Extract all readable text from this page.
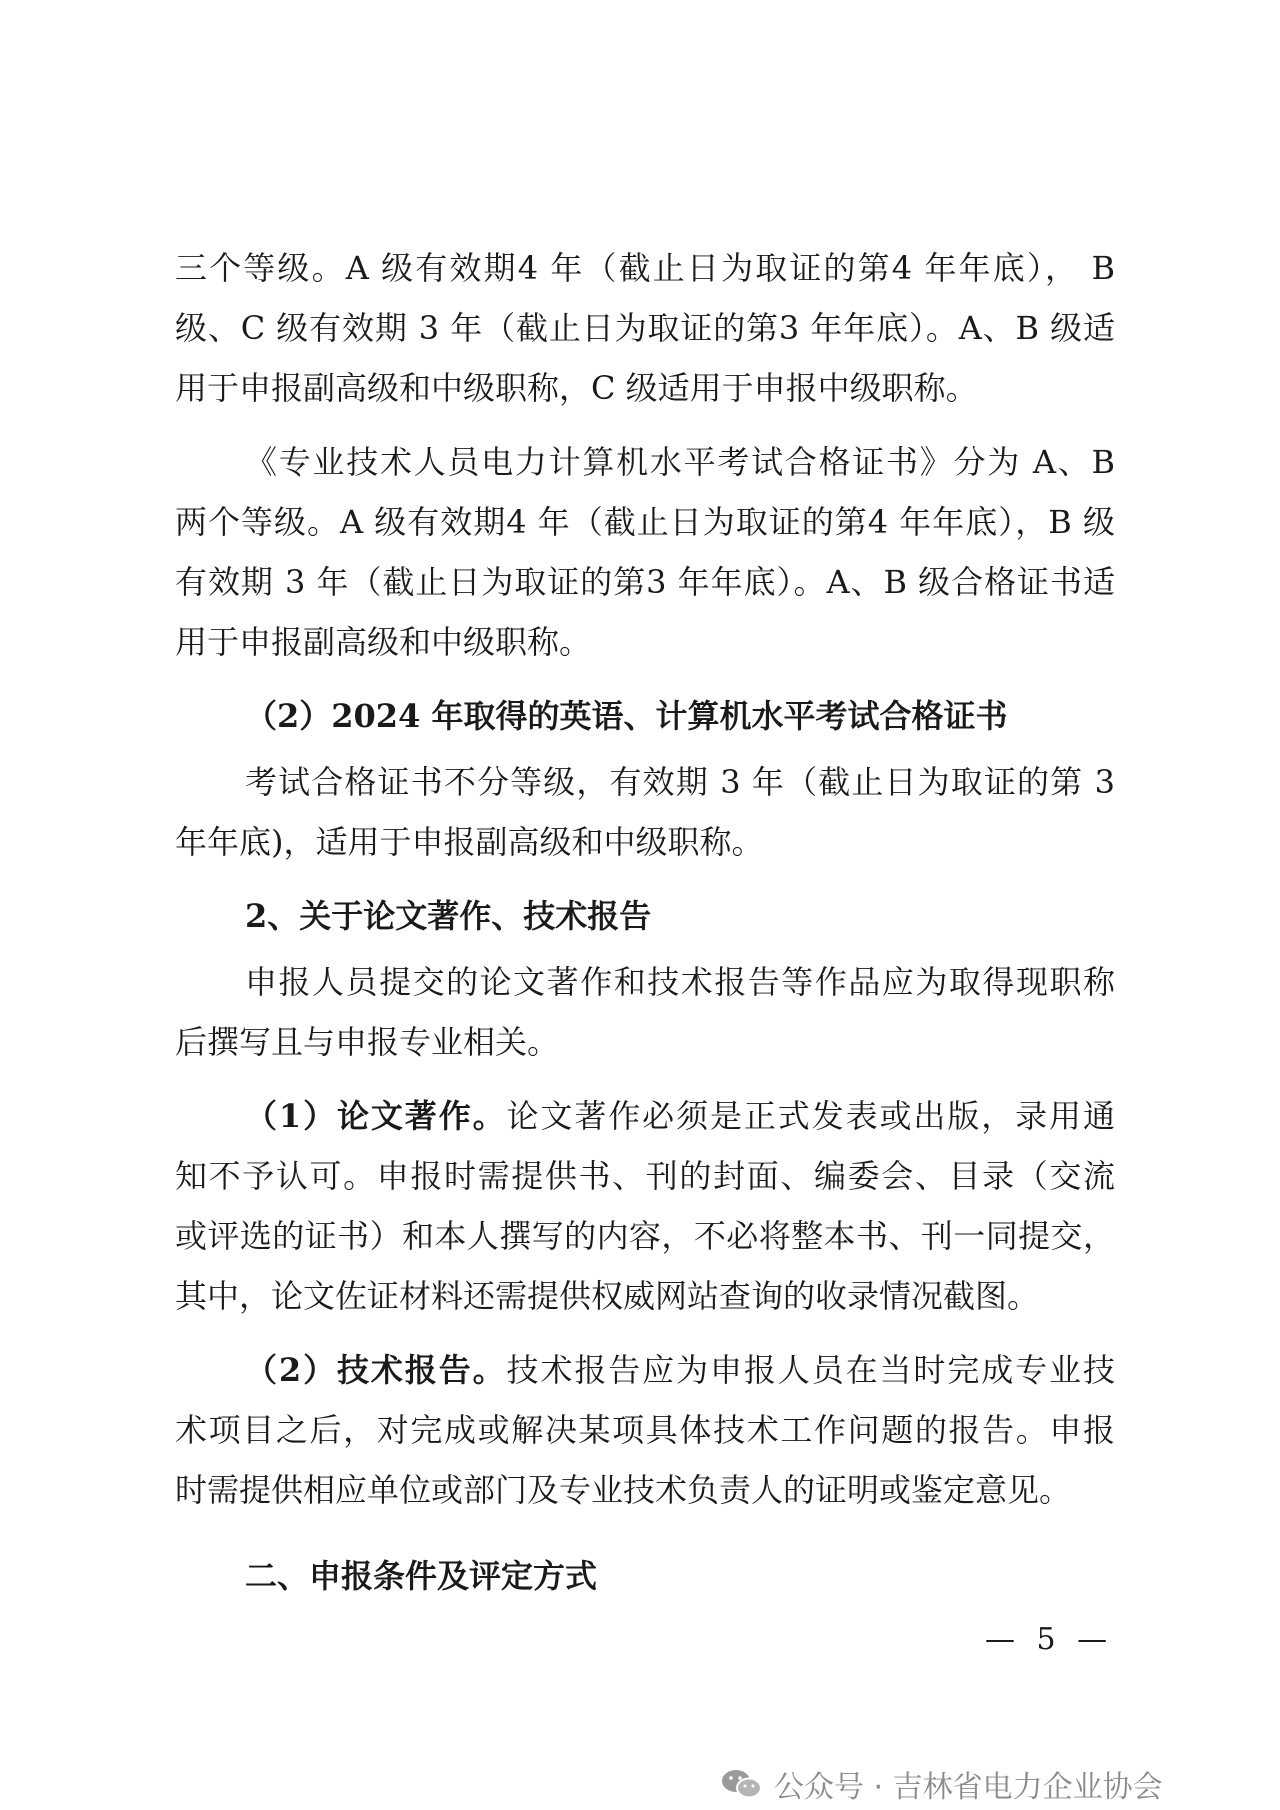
三个等级。A 级有效期4 年（截止日为取证的第4 年年底）， B
级、C 级有效期 3 年（截止日为取证的第3 年年底）。A、B 级适
用于申报副高级和中级职称，C 级适用于申报中级职称。
《专业技术人员电力计算机水平考试合格证书》分为 A、B
两个等级。A 级有效期4 年（截止日为取证的第4 年年底），B 级
有效期 3 年（截止日为取证的第3 年年底）。A、B 级合格证书适
用于申报副高级和中级职称。
（2）2024 年取得的英语、计算机水平考试合格证书
考试合格证书不分等级，有效期 3 年（截止日为取证的第 3
年年底)，适用于申报副高级和中级职称。
2、关于论文著作、技术报告
申报人员提交的论文著作和技术报告等作品应为取得现职称
后撰写且与申报专业相关。
（1）论文著作。论文著作必须是正式发表或出版，录用通
知不予认可。申报时需提供书、刊的封面、编委会、目录（交流
或评选的证书）和本人撰写的内容，不必将整本书、刊一同提交，
其中，论文佐证材料还需提供权威网站查询的收录情况截图。
（2）技术报告。技术报告应为申报人员在当时完成专业技
术项目之后，对完成或解决某项具体技术工作问题的报告。申报
时需提供相应单位或部门及专业技术负责人的证明或鉴定意见。
二、申报条件及评定方式
— 5 —
公众号 · 吉林省电力企业协会
